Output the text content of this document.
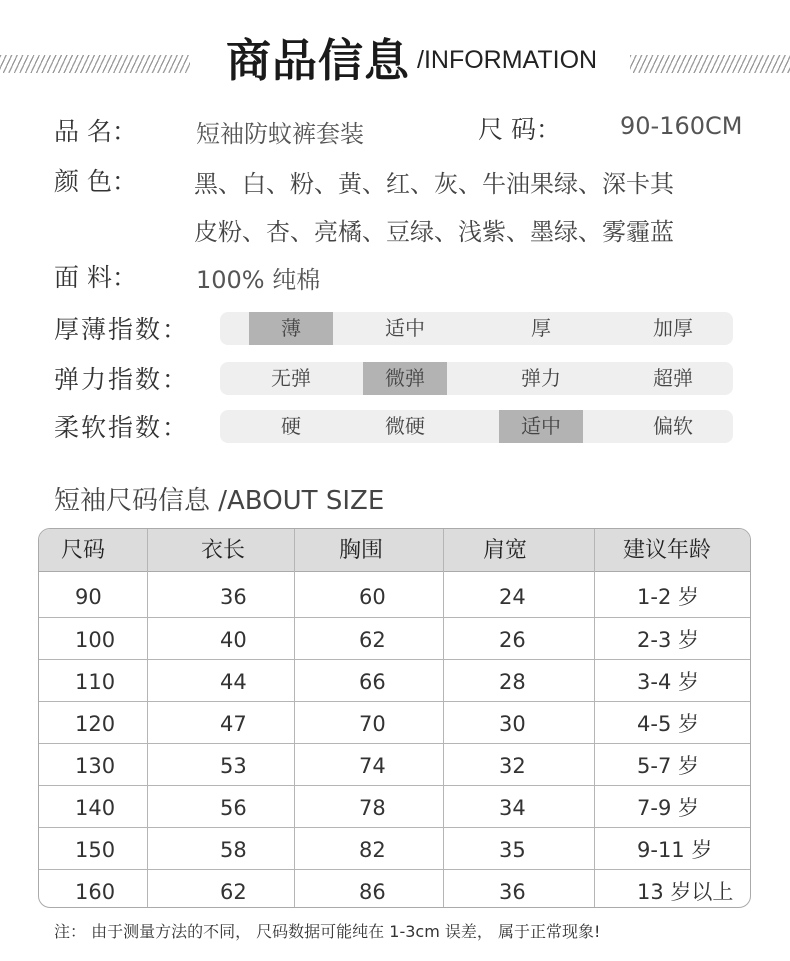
商品信息 /INFORMATION
品 名： 短袖防蚊裤套装	尺 码： 90-160CM
颜 色： 黑、白、粉、黄、红、灰、牛油果绿、深卡其
皮粉、杏、亮橘、豆绿、浅紫、墨绿、雾霾蓝
面 料： 100% 纯棉
厚薄指数：	薄	适中	厚	加厚
弹力指数：	无弹	微弹	弹力	超弹
柔软指数：	硬	微硬	适中	偏软
短袖尺码信息 /ABOUT SIZE
尺码	衣长	胸围	肩宽	建议年龄
90	36	60	24	1-2 岁
100	40	62	26	2-3 岁
110	44	66	28	3-4 岁
120	47	70	30	4-5 岁
130	53	74	32	5-7 岁
140	56	78	34	7-9 岁
150	58	82	35	9-11 岁
160	62	86	36	13 岁以上
注： 由于测量方法的不同， 尺码数据可能纯在 1-3cm 误差， 属于正常现象!
